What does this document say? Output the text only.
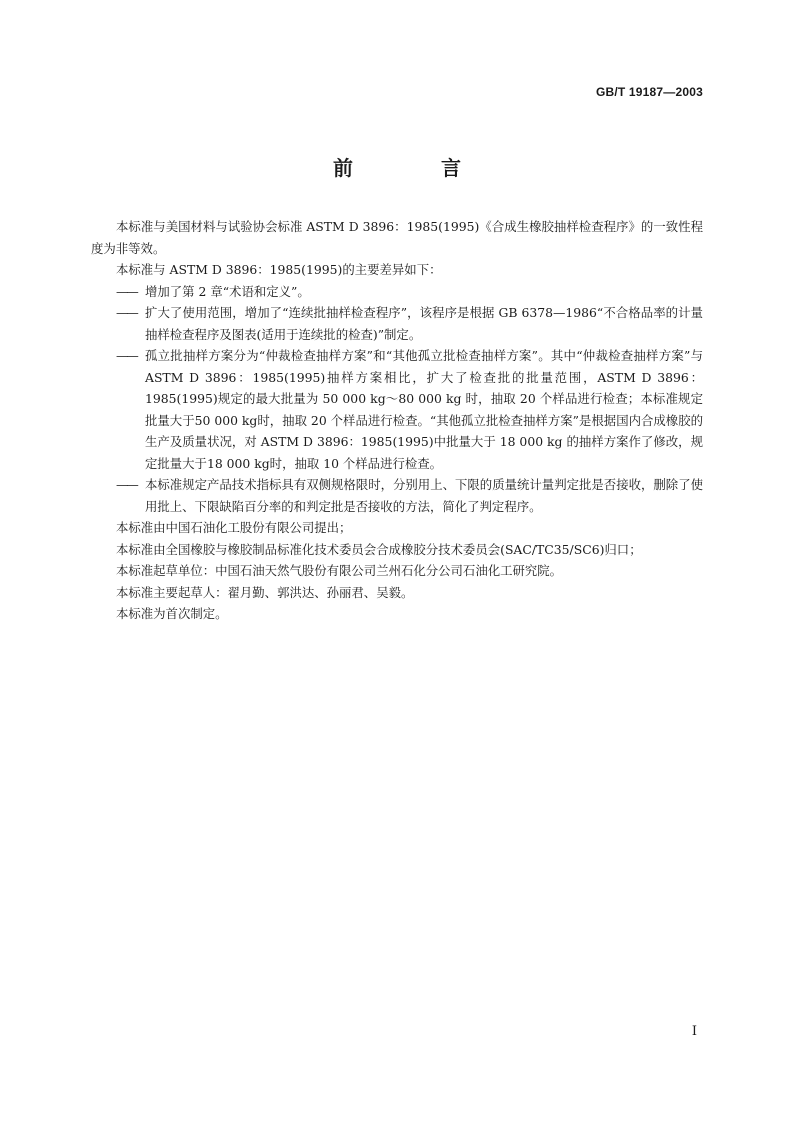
GB/T 19187—2003
前　言

本标准与美国材料与试验协会标准 ASTM D 3896：1985(1995)《合成生橡胶抽样检查程序》的一致性程度为非等效。

本标准与 ASTM D 3896：1985(1995)的主要差异如下：

—— 增加了第 2 章“术语和定义”。

—— 扩大了使用范围，增加了“连续批抽样检查程序”，该程序是根据 GB 6378—1986“不合格品率的计量抽样检查程序及图表(适用于连续批的检查)”制定。

—— 孤立批抽样方案分为“仲裁检查抽样方案”和“其他孤立批检查抽样方案”。其中“仲裁检查抽样方案”与 ASTM D 3896：1985(1995)抽样方案相比，扩大了检查批的批量范围，ASTM D 3896：1985(1995)规定的最大批量为 50 000 kg～80 000 kg 时，抽取 20 个样品进行检查；本标准规定批量大于50 000 kg时，抽取 20 个样品进行检查。“其他孤立批检查抽样方案”是根据国内合成橡胶的生产及质量状况，对 ASTM D 3896：1985(1995)中批量大于 18 000 kg 的抽样方案作了修改，规定批量大于18 000 kg时，抽取 10 个样品进行检查。

—— 本标准规定产品技术指标具有双侧规格限时，分别用上、下限的质量统计量判定批是否接收，删除了使用批上、下限缺陷百分率的和判定批是否接收的方法，简化了判定程序。

本标准由中国石油化工股份有限公司提出；

本标准由全国橡胶与橡胶制品标准化技术委员会合成橡胶分技术委员会(SAC/TC35/SC6)归口；

本标准起草单位：中国石油天然气股份有限公司兰州石化分公司石油化工研究院。

本标准主要起草人：翟月勤、郭洪达、孙丽君、吴毅。

本标准为首次制定。

I
